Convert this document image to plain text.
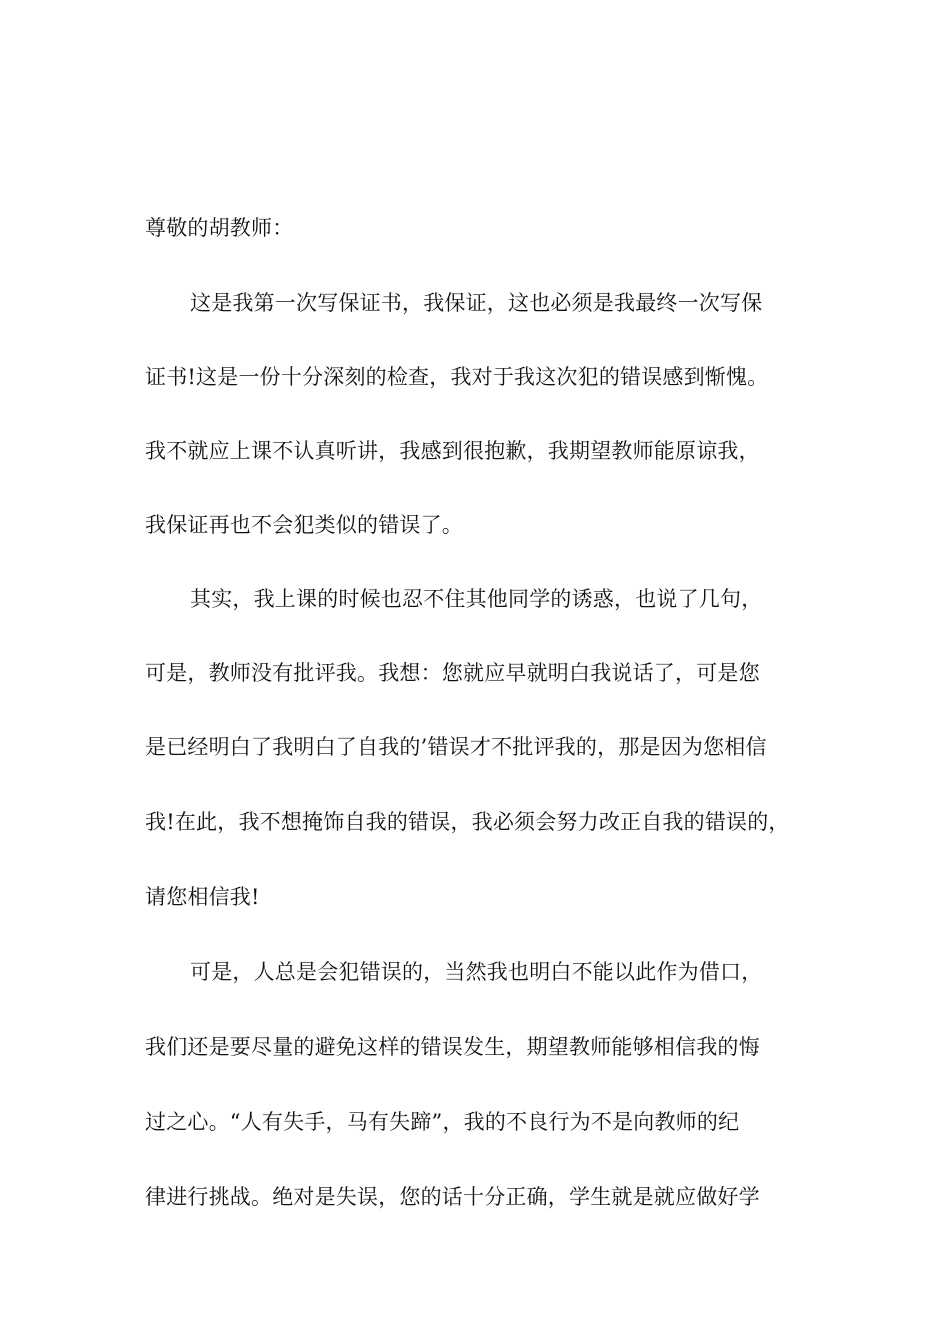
尊敬的胡教师：
这是我第一次写保证书，我保证，这也必须是我最终一次写保
证书!这是一份十分深刻的检查，我对于我这次犯的错误感到惭愧。
我不就应上课不认真听讲，我感到很抱歉，我期望教师能原谅我，
我保证再也不会犯类似的错误了。
其实，我上课的时候也忍不住其他同学的诱惑，也说了几句，
可是，教师没有批评我。我想：您就应早就明白我说话了，可是您
是已经明白了我明白了自我的’错误才不批评我的，那是因为您相信
我!在此，我不想掩饰自我的错误，我必须会努力改正自我的错误的，
请您相信我!
可是，人总是会犯错误的，当然我也明白不能以此作为借口，
我们还是要尽量的避免这样的错误发生，期望教师能够相信我的悔
过之心。“人有失手，马有失蹄”，我的不良行为不是向教师的纪
律进行挑战。绝对是失误，您的话十分正确，学生就是就应做好学
